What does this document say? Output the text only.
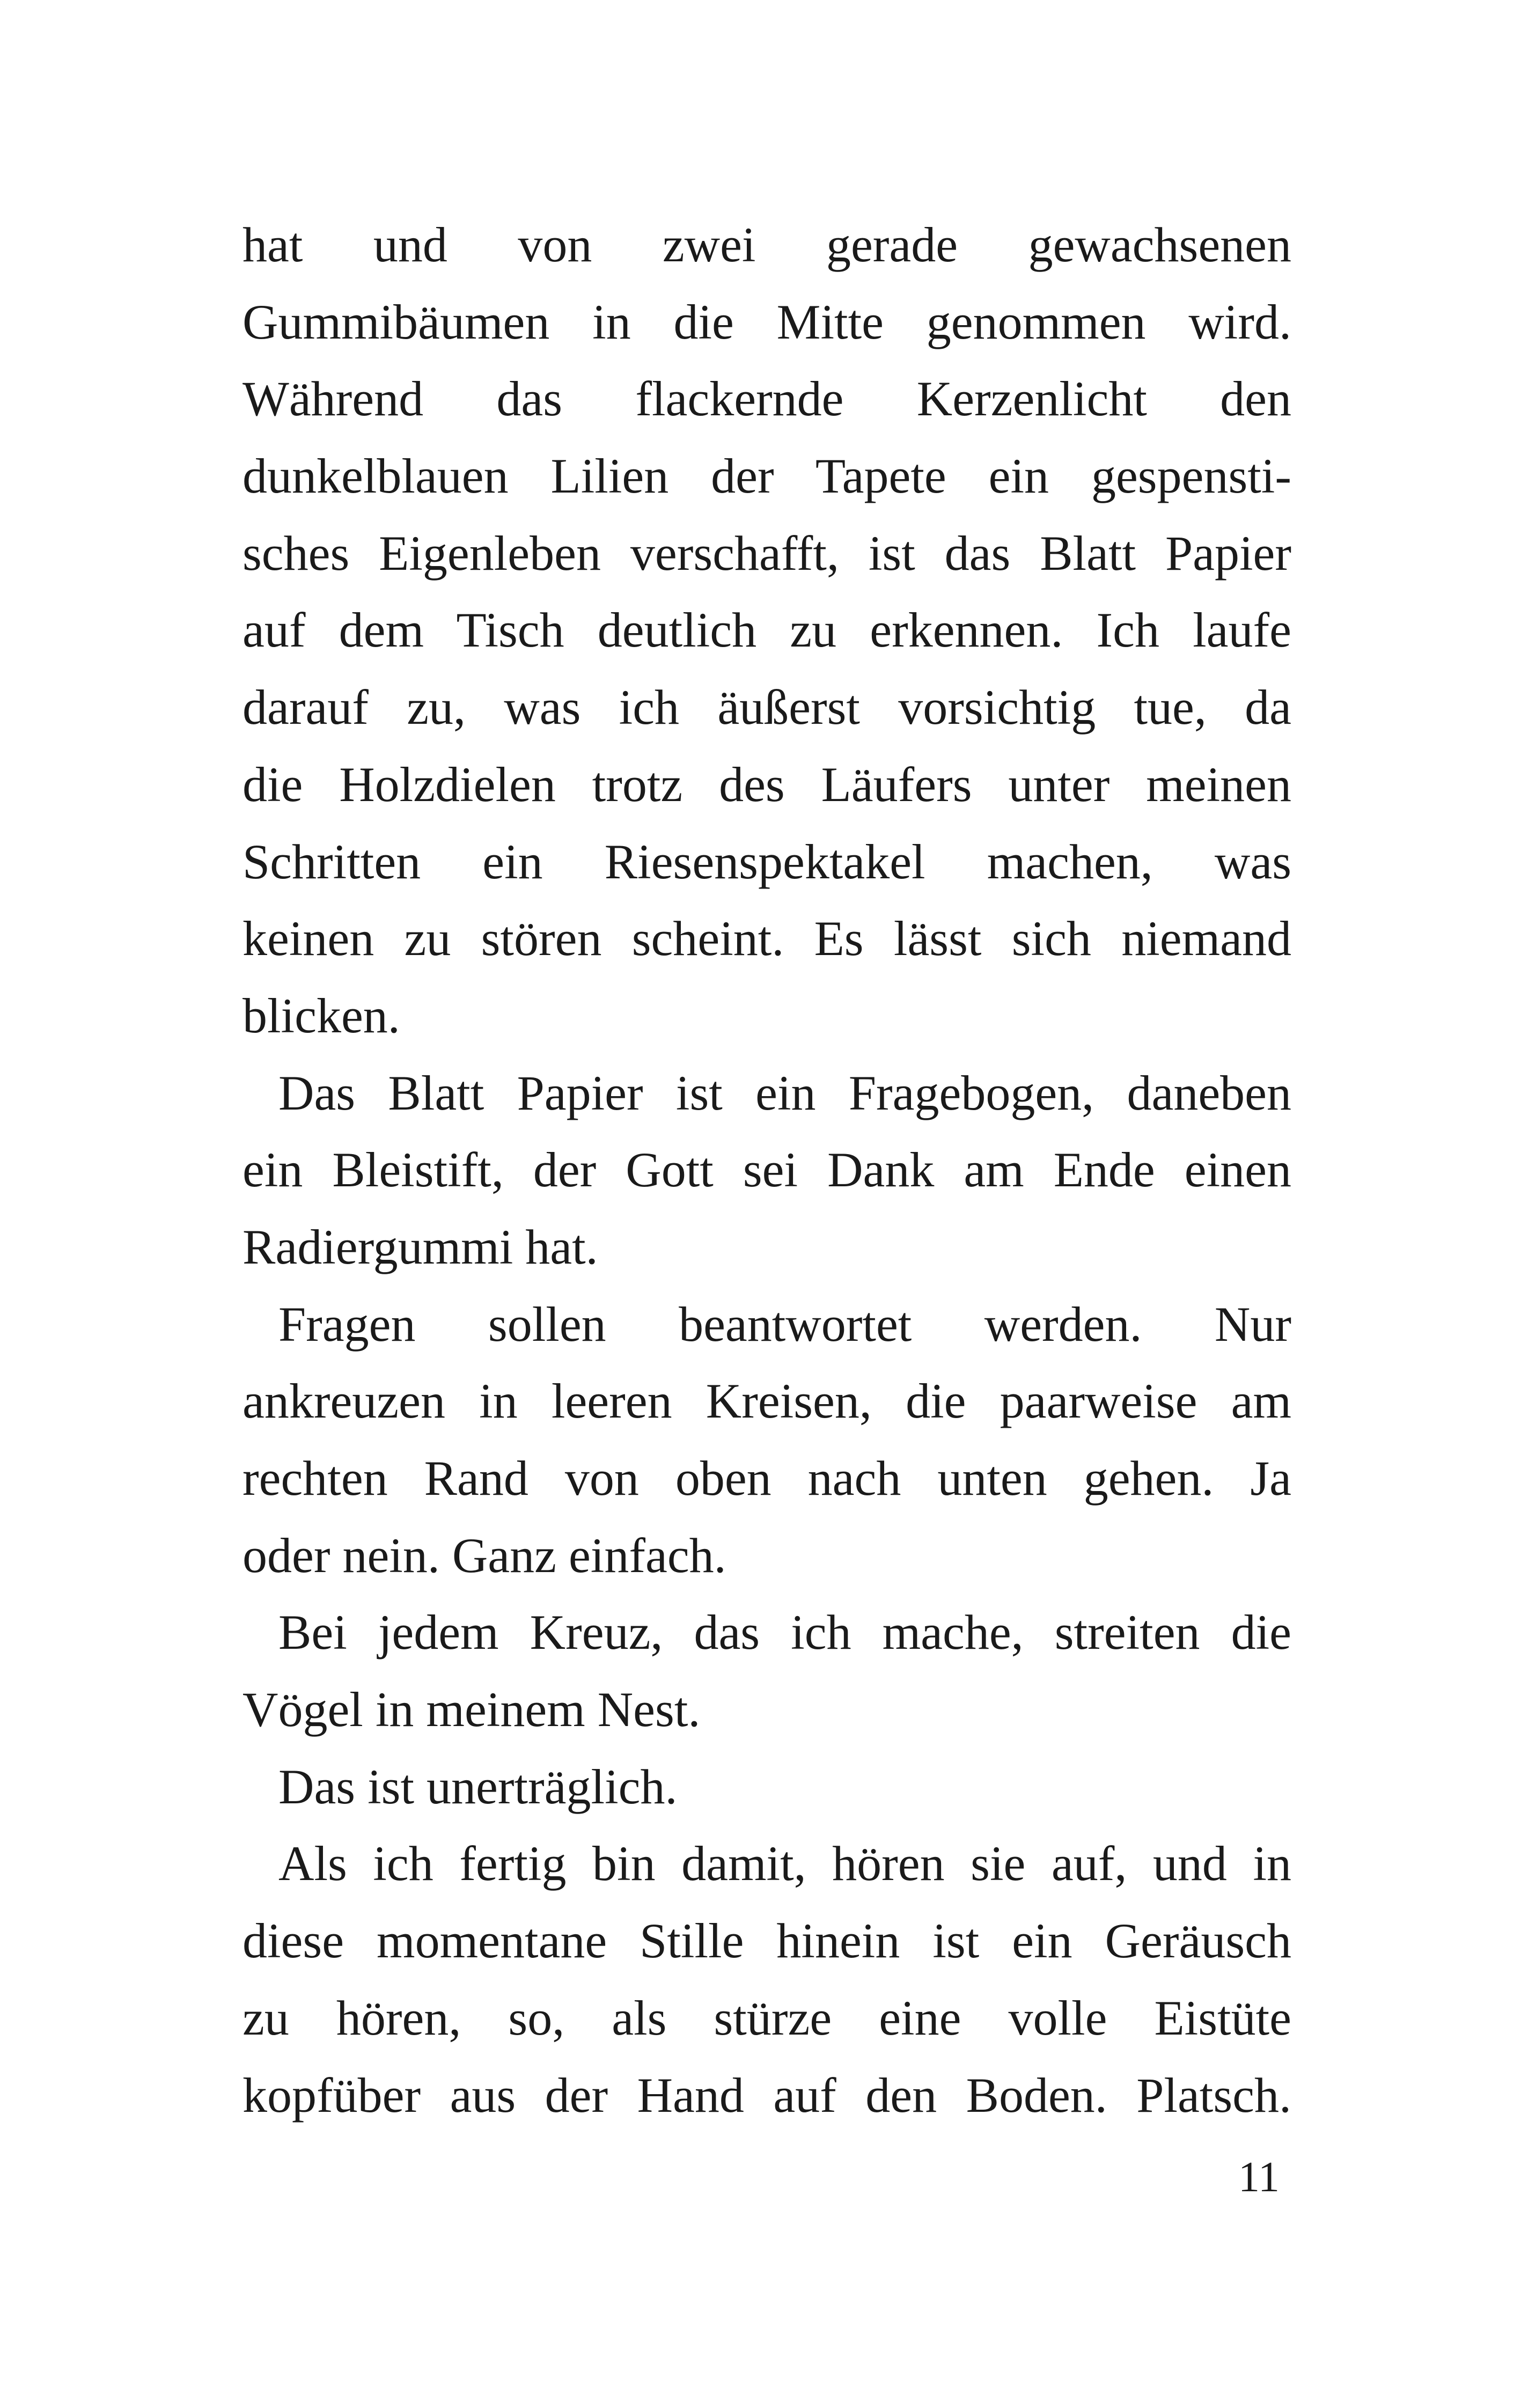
hat und von zwei gerade gewachsenen
Gummibäumen in die Mitte genommen wird.
Während das flackernde Kerzenlicht den
dunkelblauen Lilien der Tapete ein gespensti-
sches Eigenleben verschafft, ist das Blatt Papier
auf dem Tisch deutlich zu erkennen. Ich laufe
darauf zu, was ich äußerst vorsichtig tue, da
die Holzdielen trotz des Läufers unter meinen
Schritten ein Riesenspektakel machen, was
keinen zu stören scheint. Es lässt sich niemand
blicken.

Das Blatt Papier ist ein Fragebogen, daneben
ein Bleistift, der Gott sei Dank am Ende einen
Radiergummi hat.

Fragen sollen beantwortet werden. Nur
ankreuzen in leeren Kreisen, die paarweise am
rechten Rand von oben nach unten gehen. Ja
oder nein. Ganz einfach.

Bei jedem Kreuz, das ich mache, streiten die
Vögel in meinem Nest.

Das ist unerträglich.

Als ich fertig bin damit, hören sie auf, und in
diese momentane Stille hinein ist ein Geräusch
zu hören, so, als stürze eine volle Eistüte
kopfüber aus der Hand auf den Boden. Platsch.

11
